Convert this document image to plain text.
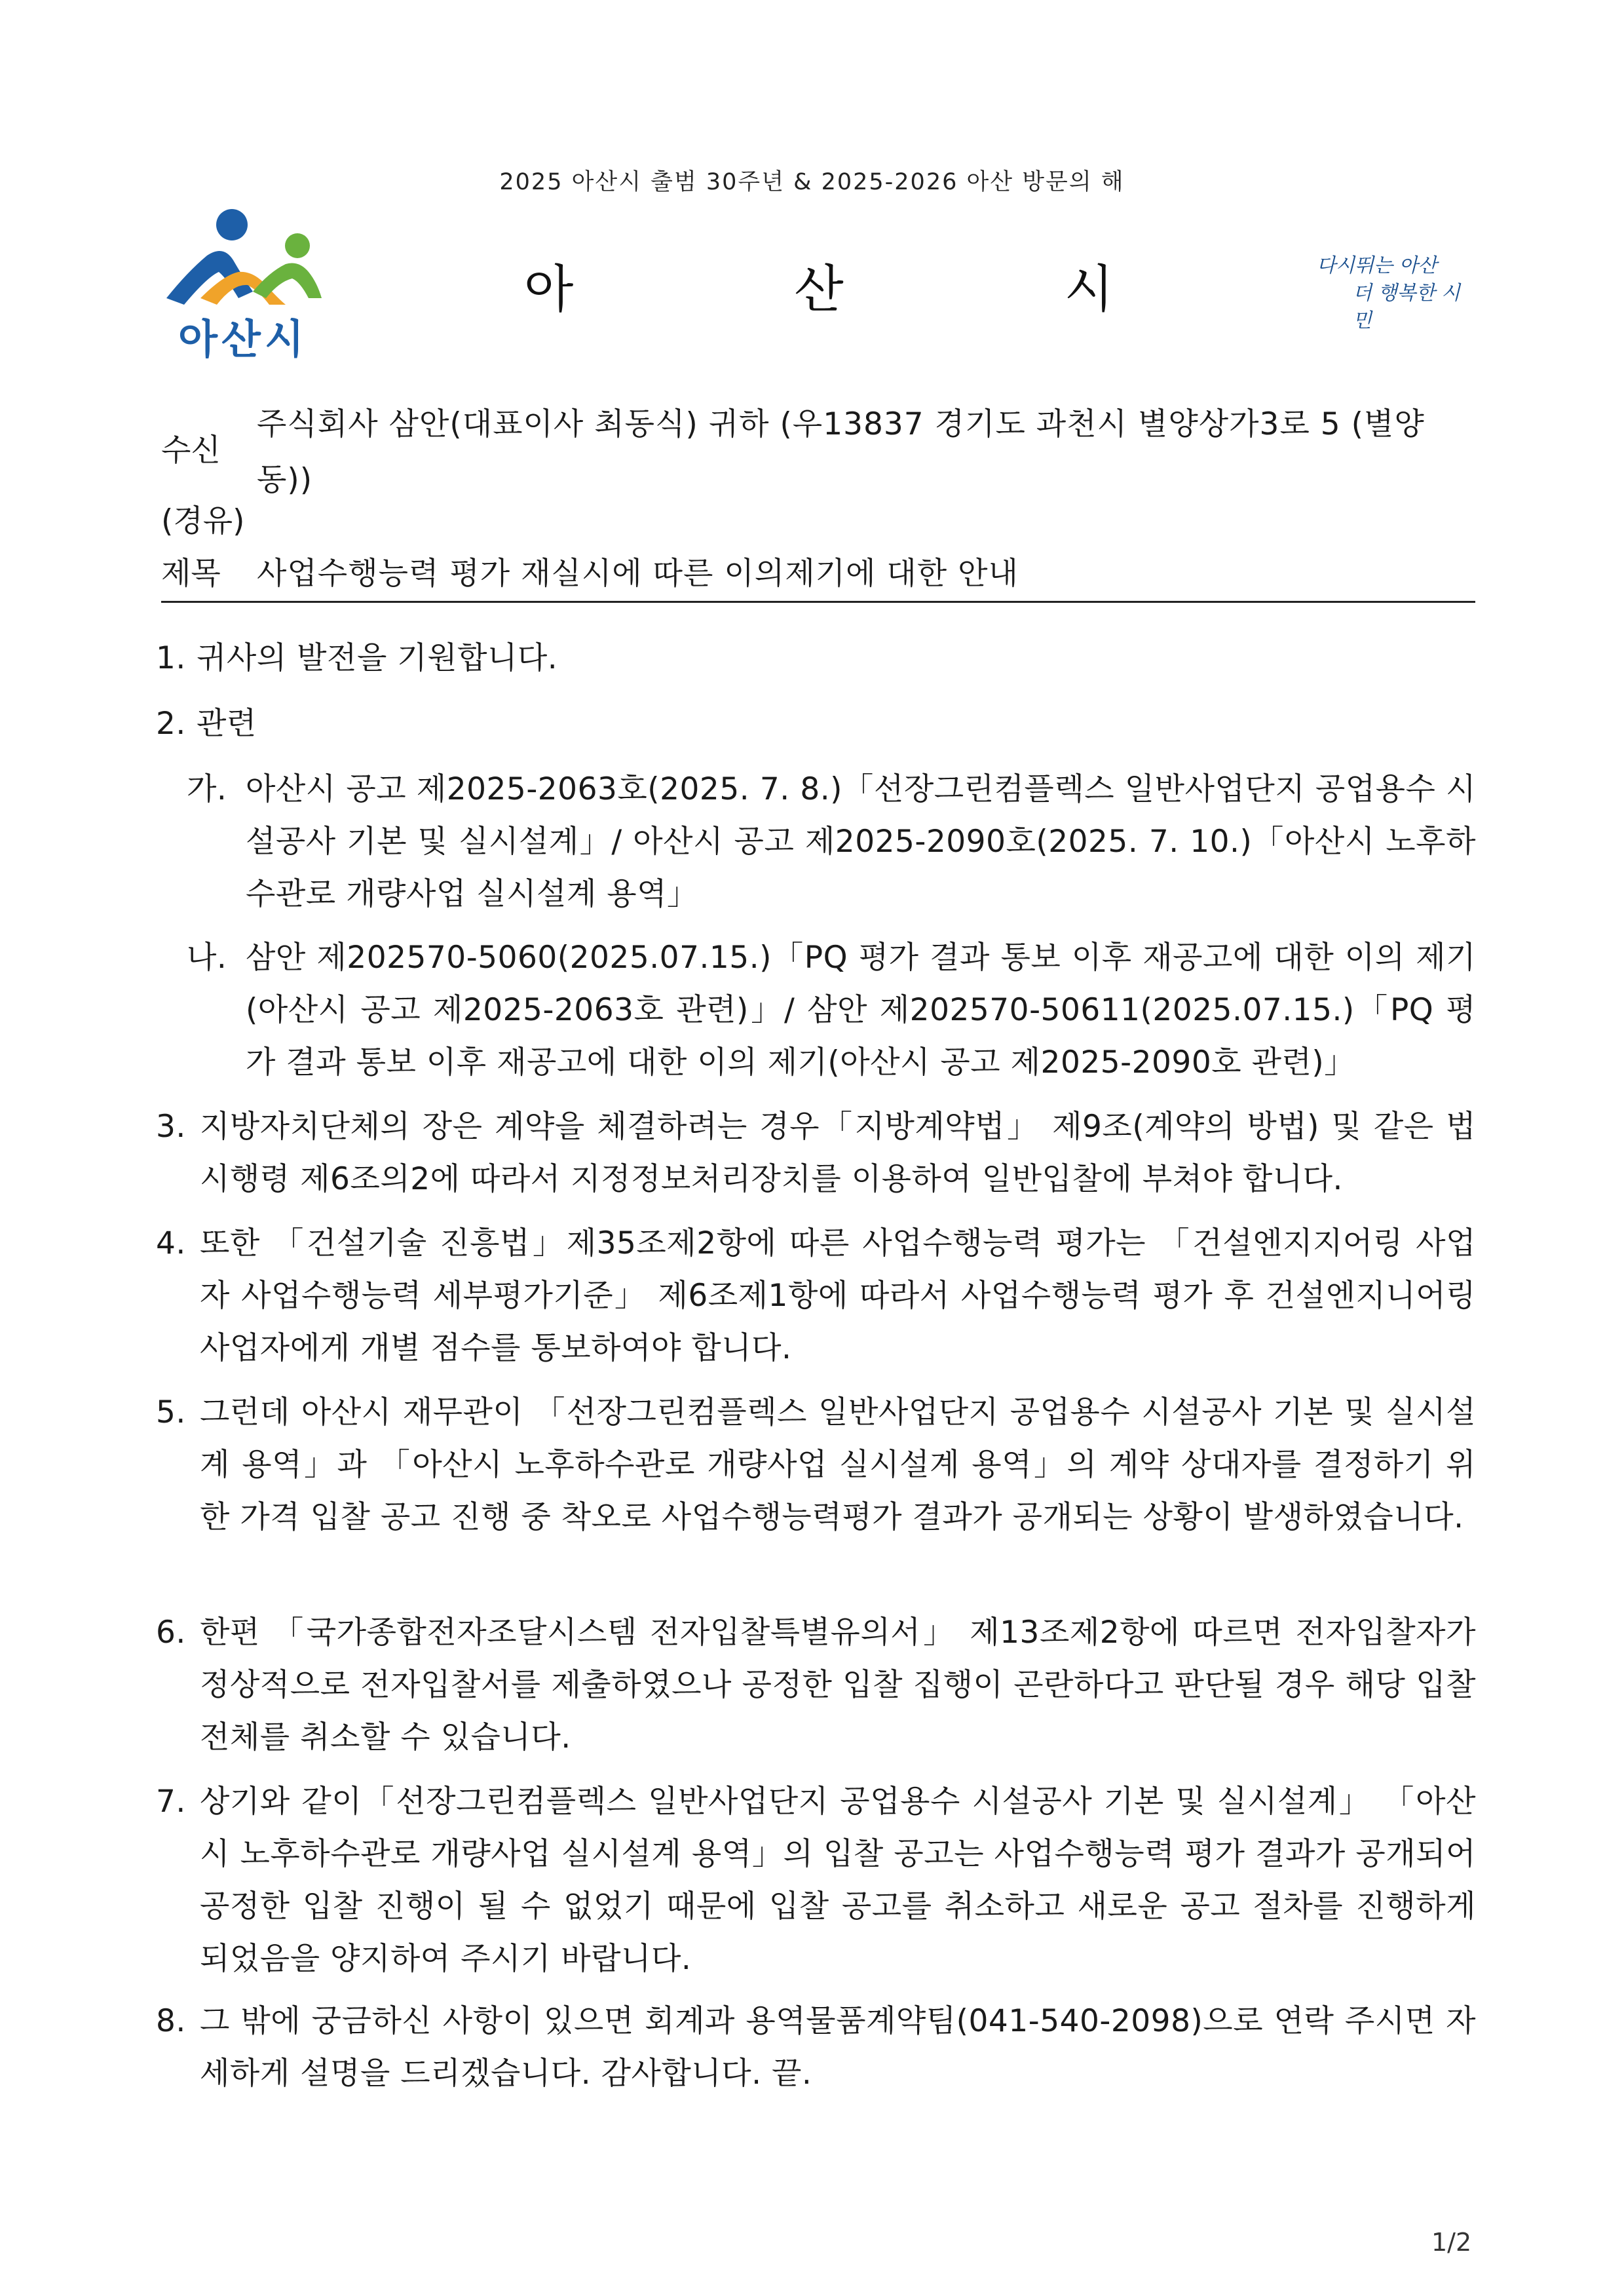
2025 아산시 출범 30주년 & 2025-2026 아산 방문의 해
아산시
아	산	시	다시뛰는 아산
더 행복한 시민
수신
주식회사 삼안(대표이사 최동식) 귀하 (우13837 경기도 과천시 별양상가3로 5 (별양동))
(경유)
제목 사업수행능력 평가 재실시에 따른 이의제기에 대한 안내
1. 귀사의 발전을 기원합니다.
2. 관련
가. 아산시 공고 제2025-2063호(2025. 7. 8.)「선장그린컴플렉스 일반사업단지 공업용수 시설공사 기본 및 실시설계」/ 아산시 공고 제2025-2090호(2025. 7. 10.)「아산시 노후하수관로 개량사업 실시설계 용역」
나. 삼안 제202570-5060(2025.07.15.)「PQ 평가 결과 통보 이후 재공고에 대한 이의 제기(아산시 공고 제2025-2063호 관련)」/ 삼안 제202570-50611(2025.07.15.)「PQ 평가 결과 통보 이후 재공고에 대한 이의 제기(아산시 공고 제2025-2090호 관련)」
3. 지방자치단체의 장은 계약을 체결하려는 경우「지방계약법」 제9조(계약의 방법) 및 같은 법 시행령 제6조의2에 따라서 지정정보처리장치를 이용하여 일반입찰에 부쳐야 합니다.
4. 또한 「건설기술 진흥법」제35조제2항에 따른 사업수행능력 평가는 「건설엔지지어링 사업자 사업수행능력 세부평가기준」 제6조제1항에 따라서 사업수행능력 평가 후 건설엔지니어링사업자에게 개별 점수를 통보하여야 합니다.
5. 그런데 아산시 재무관이 「선장그린컴플렉스 일반사업단지 공업용수 시설공사 기본 및 실시설계 용역」과 「아산시 노후하수관로 개량사업 실시설계 용역」의 계약 상대자를 결정하기 위한 가격 입찰 공고 진행 중 착오로 사업수행능력평가 결과가 공개되는 상황이 발생하였습니다.
6. 한편 「국가종합전자조달시스템 전자입찰특별유의서」 제13조제2항에 따르면 전자입찰자가 정상적으로 전자입찰서를 제출하였으나 공정한 입찰 집행이 곤란하다고 판단될 경우 해당 입찰 전체를 취소할 수 있습니다.
7. 상기와 같이「선장그린컴플렉스 일반사업단지 공업용수 시설공사 기본 및 실시설계」 「아산시 노후하수관로 개량사업 실시설계 용역」의 입찰 공고는 사업수행능력 평가 결과가 공개되어 공정한 입찰 진행이 될 수 없었기 때문에 입찰 공고를 취소하고 새로운 공고 절차를 진행하게 되었음을 양지하여 주시기 바랍니다.
8. 그 밖에 궁금하신 사항이 있으면 회계과 용역물품계약팀(041-540-2098)으로 연락 주시면 자세하게 설명을 드리겠습니다. 감사합니다. 끝.
1/2
